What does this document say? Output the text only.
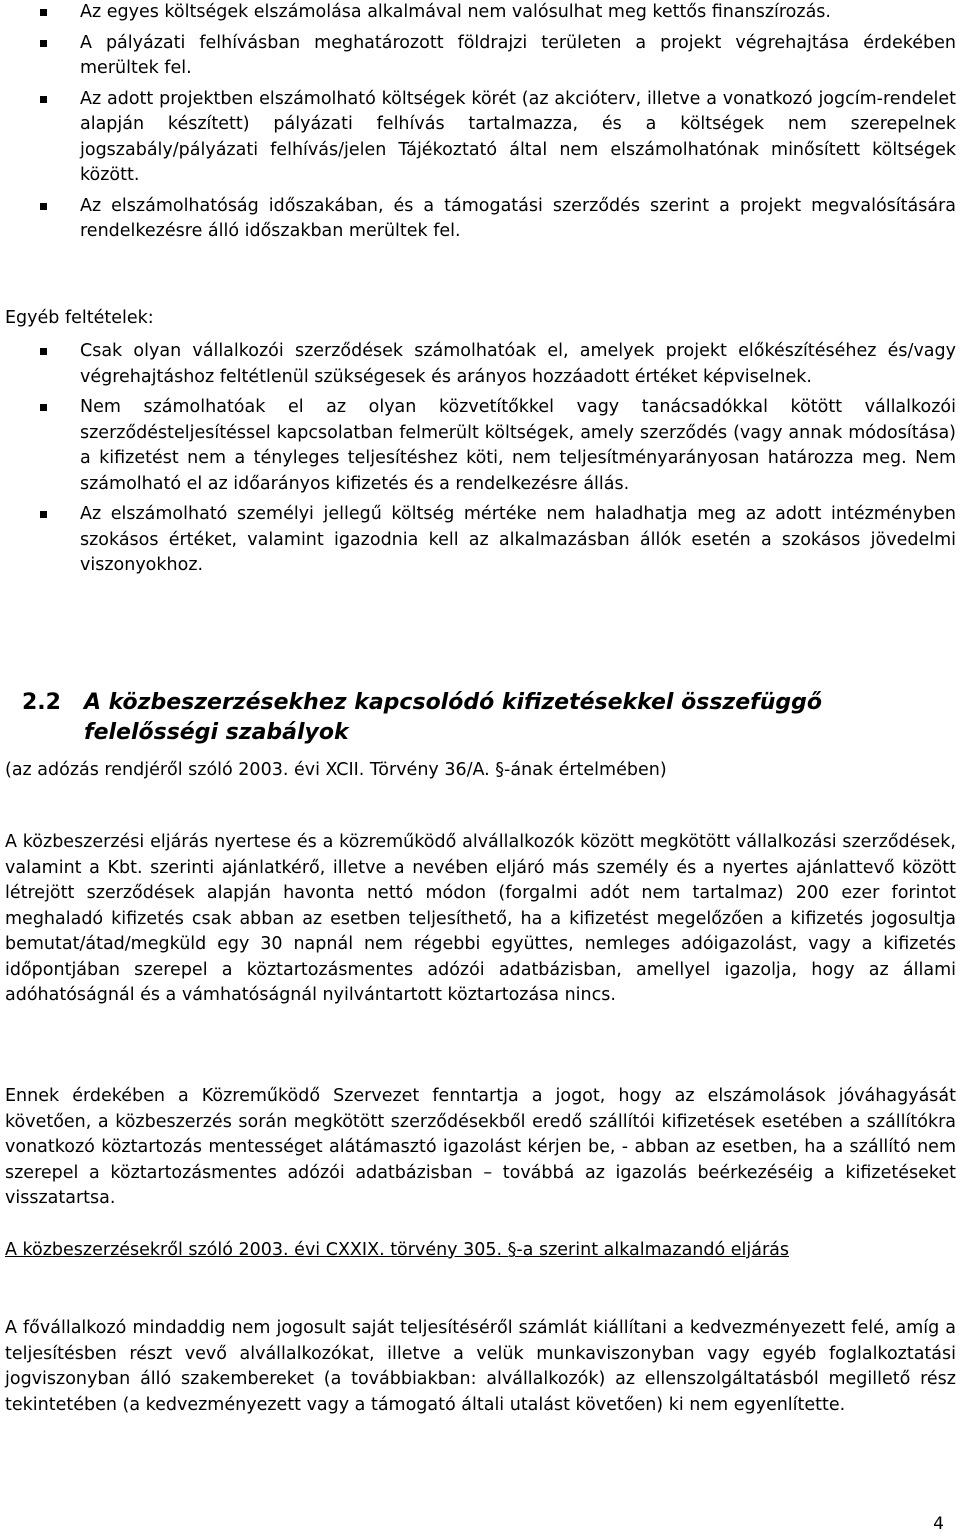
Az egyes költségek elszámolása alkalmával nem valósulhat meg kettős finanszírozás.
A pályázati felhívásban meghatározott földrajzi területen a projekt végrehajtása érdekében merültek fel.
Az adott projektben elszámolható költségek körét (az akcióterv, illetve a vonatkozó jogcím-rendelet alapján készített) pályázati felhívás tartalmazza, és a költségek nem szerepelnek jogszabály/pályázati felhívás/jelen Tájékoztató által nem elszámolhatónak minősített költségek között.
Az elszámolhatóság időszakában, és a támogatási szerződés szerint a projekt megvalósítására rendelkezésre álló időszakban merültek fel.

Egyéb feltételek:

Csak olyan vállalkozói szerződések számolhatóak el, amelyek projekt előkészítéséhez és/vagy végrehajtáshoz feltétlenül szükségesek és arányos hozzáadott értéket képviselnek.
Nem számolhatóak el az olyan közvetítőkkel vagy tanácsadókkal kötött vállalkozói szerződésteljesítéssel kapcsolatban felmerült költségek, amely szerződés (vagy annak módosítása) a kifizetést nem a tényleges teljesítéshez köti, nem teljesítményarányosan határozza meg. Nem számolható el az időarányos kifizetés és a rendelkezésre állás.
Az elszámolható személyi jellegű költség mértéke nem haladhatja meg az adott intézményben szokásos értéket, valamint igazodnia kell az alkalmazásban állók esetén a szokásos jövedelmi viszonyokhoz.
2.2 A közbeszerzésekhez kapcsolódó kifizetésekkel összefüggő
felelősségi szabályok

(az adózás rendjéről szóló 2003. évi XCII. Törvény 36/A. §-ának értelmében)

A közbeszerzési eljárás nyertese és a közreműködő alvállalkozók között megkötött vállalkozási szerződések, valamint a Kbt. szerinti ajánlatkérő, illetve a nevében eljáró más személy és a nyertes ajánlattevő között létrejött szerződések alapján havonta nettó módon (forgalmi adót nem tartalmaz) 200 ezer forintot meghaladó kifizetés csak abban az esetben teljesíthető, ha a kifizetést megelőzően a kifizetés jogosultja bemutat/átad/megküld egy 30 napnál nem régebbi együttes, nemleges adóigazolást, vagy a kifizetés időpontjában szerepel a köztartozásmentes adózói adatbázisban, amellyel igazolja, hogy az állami adóhatóságnál és a vámhatóságnál nyilvántartott köztartozása nincs.

Ennek érdekében a Közreműködő Szervezet fenntartja a jogot, hogy az elszámolások jóváhagyását követően, a közbeszerzés során megkötött szerződésekből eredő szállítói kifizetések esetében a szállítókra vonatkozó köztartozás mentességet alátámasztó igazolást kérjen be, - abban az esetben, ha a szállító nem szerepel a köztartozásmentes adózói adatbázisban – továbbá az igazolás beérkezéséig a kifizetéseket visszatartsa.

A közbeszerzésekről szóló 2003. évi CXXIX. törvény 305. §-a szerint alkalmazandó eljárás

A fővállalkozó mindaddig nem jogosult saját teljesítéséről számlát kiállítani a kedvezményezett felé, amíg a teljesítésben részt vevő alvállalkozókat, illetve a velük munkaviszonyban vagy egyéb foglalkoztatási jogviszonyban álló szakembereket (a továbbiakban: alvállalkozók) az ellenszolgáltatásból megillető rész tekintetében (a kedvezményezett vagy a támogató általi utalást követően) ki nem egyenlítette.

4
